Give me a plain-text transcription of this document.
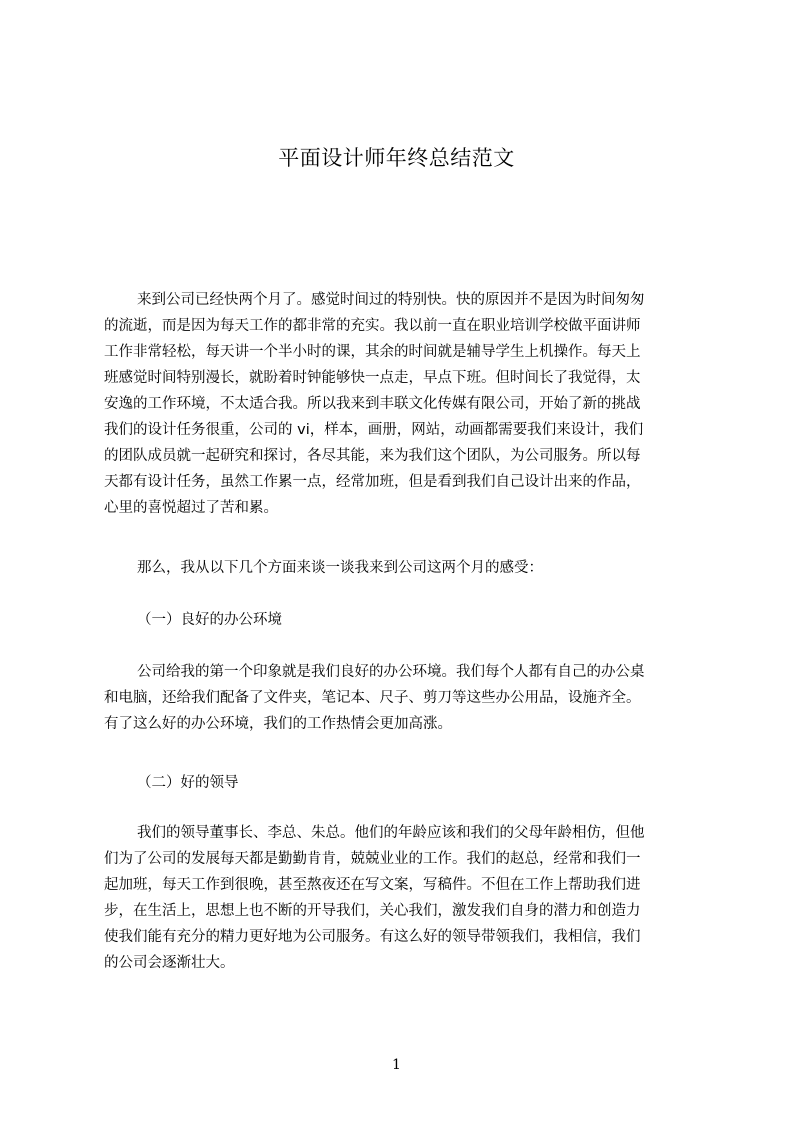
平面设计师年终总结范文
来到公司已经快两个月了。感觉时间过的特别快。快的原因并不是因为时间匆匆
的流逝，而是因为每天工作的都非常的充实。我以前一直在职业培训学校做平面讲师
工作非常轻松，每天讲一个半小时的课，其余的时间就是辅导学生上机操作。每天上
班感觉时间特别漫长，就盼着时钟能够快一点走，早点下班。但时间长了我觉得，太
安逸的工作环境，不太适合我。所以我来到丰联文化传媒有限公司，开始了新的挑战
我们的设计任务很重，公司的 vi，样本，画册，网站，动画都需要我们来设计，我们
的团队成员就一起研究和探讨，各尽其能，来为我们这个团队，为公司服务。所以每
天都有设计任务，虽然工作累一点，经常加班，但是看到我们自己设计出来的作品，
心里的喜悦超过了苦和累。
那么，我从以下几个方面来谈一谈我来到公司这两个月的感受：
（一）良好的办公环境
公司给我的第一个印象就是我们良好的办公环境。我们每个人都有自己的办公桌
和电脑，还给我们配备了文件夹，笔记本、尺子、剪刀等这些办公用品，设施齐全。
有了这么好的办公环境，我们的工作热情会更加高涨。
（二）好的领导
我们的领导董事长、李总、朱总。他们的年龄应该和我们的父母年龄相仿，但他
们为了公司的发展每天都是勤勤肯肯，兢兢业业的工作。我们的赵总，经常和我们一
起加班，每天工作到很晚，甚至熬夜还在写文案，写稿件。不但在工作上帮助我们进
步，在生活上，思想上也不断的开导我们，关心我们，激发我们自身的潜力和创造力
使我们能有充分的精力更好地为公司服务。有这么好的领导带领我们，我相信，我们
的公司会逐渐壮大。
1
